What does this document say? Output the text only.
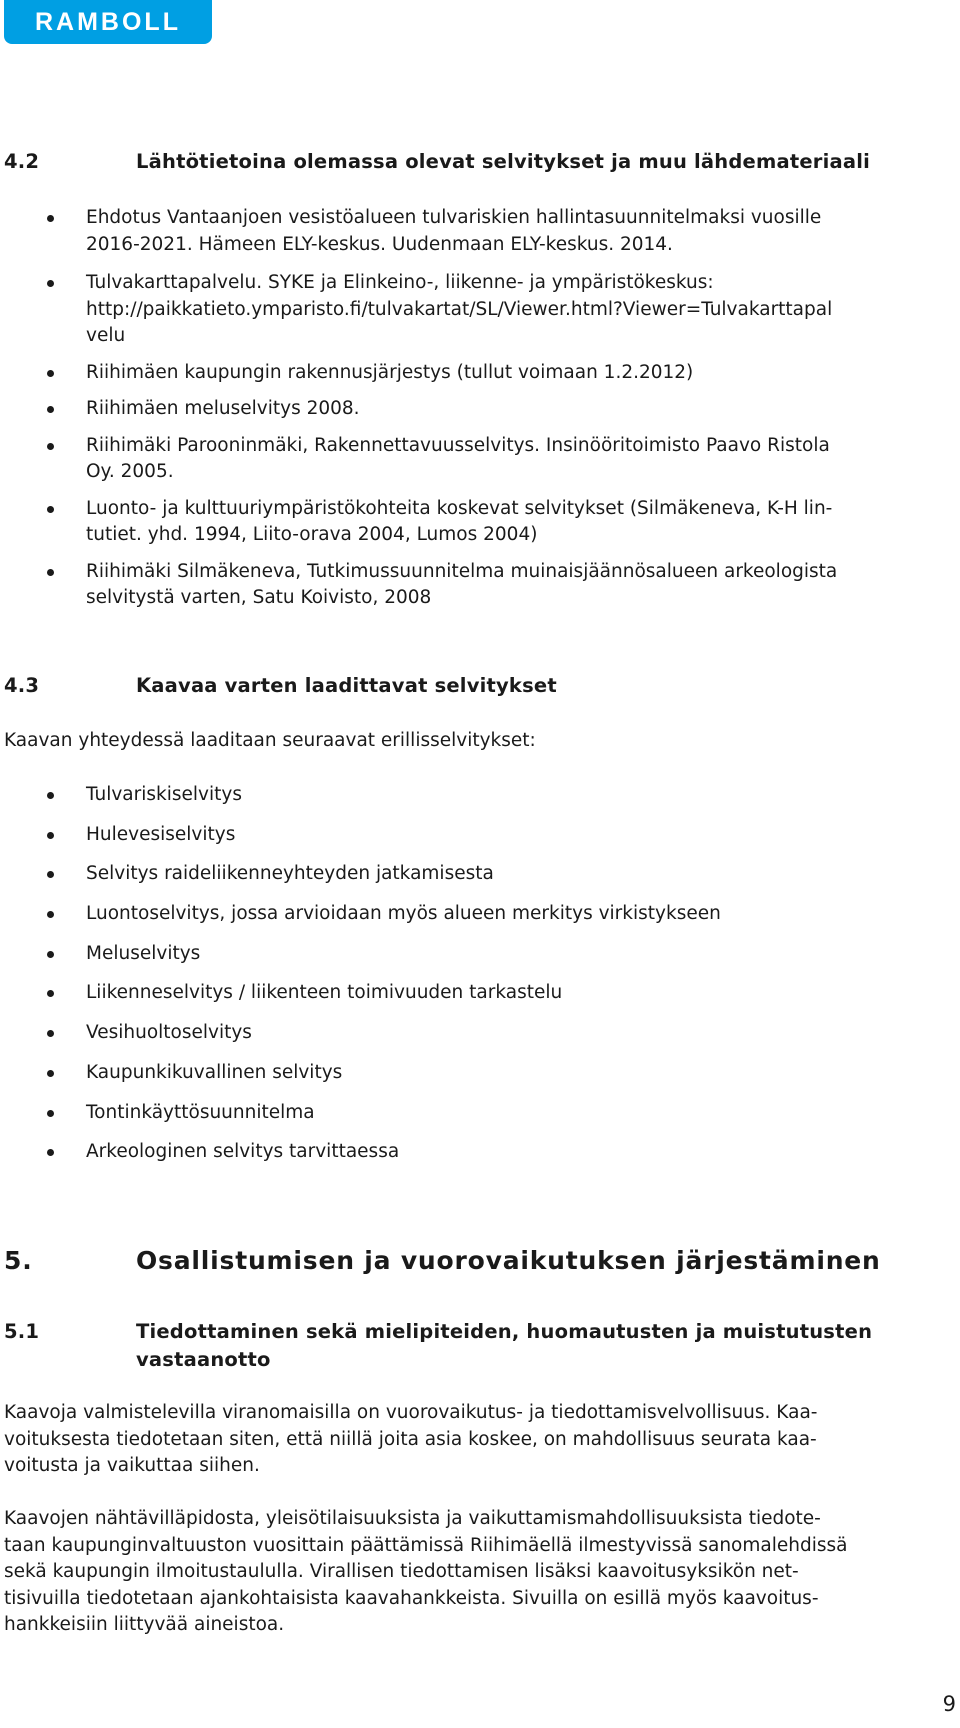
RAMBOLL
4.2	Lähtötietoina olemassa olevat selvitykset ja muu lähdemateriaali
Ehdotus Vantaanjoen vesistöalueen tulvariskien hallintasuunnitelmaksi vuosille
2016-2021. Hämeen ELY-keskus. Uudenmaan ELY-keskus. 2014.
Tulvakarttapalvelu. SYKE ja Elinkeino-, liikenne- ja ympäristökeskus:
http://paikkatieto.ymparisto.fi/tulvakartat/SL/Viewer.html?Viewer=Tulvakarttapal
velu
Riihimäen kaupungin rakennusjärjestys (tullut voimaan 1.2.2012)
Riihimäen meluselvitys 2008.
Riihimäki Parooninmäki, Rakennettavuusselvitys. Insinööritoimisto Paavo Ristola
Oy. 2005.
Luonto- ja kulttuuriympäristökohteita koskevat selvitykset (Silmäkeneva, K-H lin-
tutiet. yhd. 1994, Liito-orava 2004, Lumos 2004)
Riihimäki Silmäkeneva, Tutkimussuunnitelma muinaisjäännösalueen arkeologista
selvitystä varten, Satu Koivisto, 2008
4.3	Kaavaa varten laadittavat selvitykset

Kaavan yhteydessä laaditaan seuraavat erillisselvitykset:

Tulvariskiselvitys
Hulevesiselvitys
Selvitys raideliikenneyhteyden jatkamisesta
Luontoselvitys, jossa arvioidaan myös alueen merkitys virkistykseen
Meluselvitys
Liikenneselvitys / liikenteen toimivuuden tarkastelu
Vesihuoltoselvitys
Kaupunkikuvallinen selvitys
Tontinkäyttösuunnitelma
Arkeologinen selvitys tarvittaessa
5.	Osallistumisen ja vuorovaikutuksen järjestäminen
5.1	Tiedottaminen sekä mielipiteiden, huomautusten ja muistutusten
vastaanotto

Kaavoja valmistelevilla viranomaisilla on vuorovaikutus- ja tiedottamisvelvollisuus. Kaa-
voituksesta tiedotetaan siten, että niillä joita asia koskee, on mahdollisuus seurata kaa-
voitusta ja vaikuttaa siihen.

Kaavojen nähtävilläpidosta, yleisötilaisuuksista ja vaikuttamismahdollisuuksista tiedote-
taan kaupunginvaltuuston vuosittain päättämissä Riihimäellä ilmestyvissä sanomalehdissä
sekä kaupungin ilmoitustaululla. Virallisen tiedottamisen lisäksi kaavoitusyksikön net-
tisivuilla tiedotetaan ajankohtaisista kaavahankkeista. Sivuilla on esillä myös kaavoitus-
hankkeisiin liittyvää aineistoa.

9
